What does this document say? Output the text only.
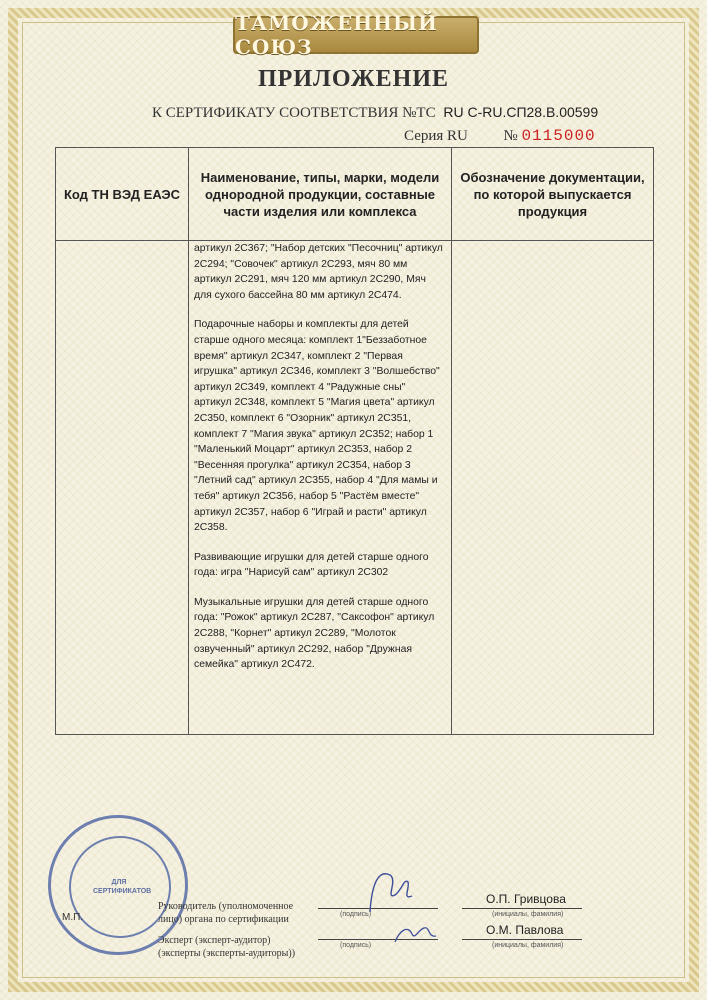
ТАМОЖЕННЫЙ СОЮЗ
ПРИЛОЖЕНИЕ
К СЕРТИФИКАТУ СООТВЕТСТВИЯ №ТС RU C-RU.СП28.В.00599
Серия RU № 0115000
Код ТН ВЭД ЕАЭС	Наименование, типы, марки, модели однородной продукции, составные части изделия или комплекса	Обозначение документации, по которой выпускается продукция

	артикул 2С367; "Набор детских "Песочниц" артикул 2С294; "Совочек" артикул 2С293, мяч 80 мм артикул 2С291, мяч 120 мм артикул 2С290, Мяч для сухого бассейна 80 мм артикул 2С474.

Подарочные наборы и комплекты для детей старше одного месяца: комплект 1"Беззаботное время" артикул 2С347, комплект 2 "Первая игрушка" артикул 2С346, комплект 3 "Волшебство" артикул 2С349, комплект 4 "Радужные сны" артикул 2С348, комплект 5 "Магия цвета" артикул 2С350, комплект 6 "Озорник" артикул 2С351, комплект 7 "Магия звука" артикул 2С352; набор 1 "Маленький Моцарт" артикул 2С353, набор 2 "Весенняя прогулка" артикул 2С354, набор 3 "Летний сад" артикул 2С355, набор 4 "Для мамы и тебя" артикул 2С356, набор 5 "Растём вместе" артикул 2С357, набор 6 "Играй и расти" артикул 2С358.

Развивающие игрушки для детей старше одного года: игра "Нарисуй сам" артикул 2С302

Музыкальные игрушки для детей старше одного года: "Рожок" артикул 2С287, "Саксофон" артикул 2С288, "Корнет" артикул 2С289, "Молоток озвученный" артикул 2С292, набор "Дружная семейка" артикул 2С472.	

ДЛЯ СЕРТИФИКАТОВ
М.П.
Руководитель (уполномоченное
лицо) органа по сертификации
Эксперт (эксперт-аудитор)
(эксперты (эксперты-аудиторы))
(подпись)	(инициалы, фамилия)
(подпись)	(инициалы, фамилия)
О.П. Гривцова
О.М. Павлова
